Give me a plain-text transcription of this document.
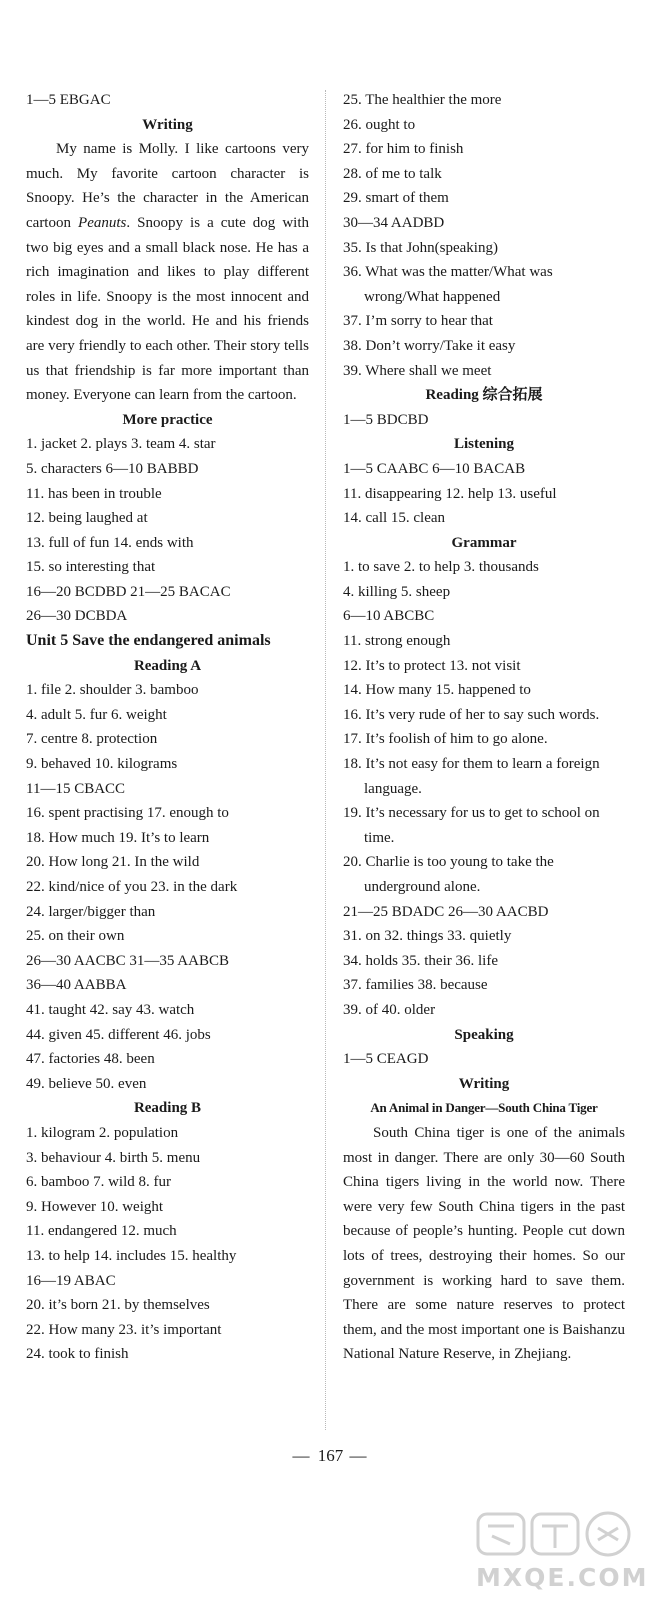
1—5 EBGAC
Writing
My name is Molly. I like cartoons very much. My favorite cartoon character is Snoopy. He’s the character in the American cartoon Peanuts. Snoopy is a cute dog with two big eyes and a small black nose. He has a rich imagination and likes to play different roles in life. Snoopy is the most innocent and kindest dog in the world. He and his friends are very friendly to each other. Their story tells us that friendship is far more important than money. Everyone can learn from the cartoon.
More practice
1. jacket 2. plays 3. team 4. star
5. characters 6—10 BABBD
11. has been in trouble
12. being laughed at
13. full of fun 14. ends with
15. so interesting that
16—20 BCDBD 21—25 BACAC
26—30 DCBDA
Unit 5 Save the endangered animals
Reading A
1. file 2. shoulder 3. bamboo
4. adult 5. fur 6. weight
7. centre 8. protection
9. behaved 10. kilograms
11—15 CBACC
16. spent practising 17. enough to
18. How much 19. It’s to learn
20. How long 21. In the wild
22. kind/nice of you 23. in the dark
24. larger/bigger than
25. on their own
26—30 AACBC 31—35 AABCB
36—40 AABBA
41. taught 42. say 43. watch
44. given 45. different 46. jobs
47. factories 48. been
49. believe 50. even
Reading B
1. kilogram 2. population
3. behaviour 4. birth 5. menu
6. bamboo 7. wild 8. fur
9. However 10. weight
11. endangered 12. much
13. to help 14. includes 15. healthy
16—19 ABAC
20. it’s born 21. by themselves
22. How many 23. it’s important
24. took to finish
25. The healthier the more
26. ought to
27. for him to finish
28. of me to talk
29. smart of them
30—34 AADBD
35. Is that John(speaking)
36. What was the matter/What was wrong/What happened
37. I’m sorry to hear that
38. Don’t worry/Take it easy
39. Where shall we meet
Reading 综合拓展
1—5 BDCBD
Listening
1—5 CAABC 6—10 BACAB
11. disappearing 12. help 13. useful
14. call 15. clean
Grammar
1. to save 2. to help 3. thousands
4. killing 5. sheep
6—10 ABCBC
11. strong enough
12. It’s to protect 13. not visit
14. How many 15. happened to
16. It’s very rude of her to say such words.
17. It’s foolish of him to go alone.
18. It’s not easy for them to learn a foreign language.
19. It’s necessary for us to get to school on time.
20. Charlie is too young to take the underground alone.
21—25 BDADC 26—30 AACBD
31. on 32. things 33. quietly
34. holds 35. their 36. life
37. families 38. because
39. of 40. older
Speaking
1—5 CEAGD
Writing
An Animal in Danger—South China Tiger
South China tiger is one of the animals most in danger. There are only 30—60 South China tigers living in the world now. There were very few South China tigers in the past because of people’s hunting. People cut down lots of trees, destroying their homes. So our government is working hard to save them. There are some nature reserves to protect them, and the most important one is Baishanzu National Nature Reserve, in Zhejiang.
— 167 —
MXQE.COM
